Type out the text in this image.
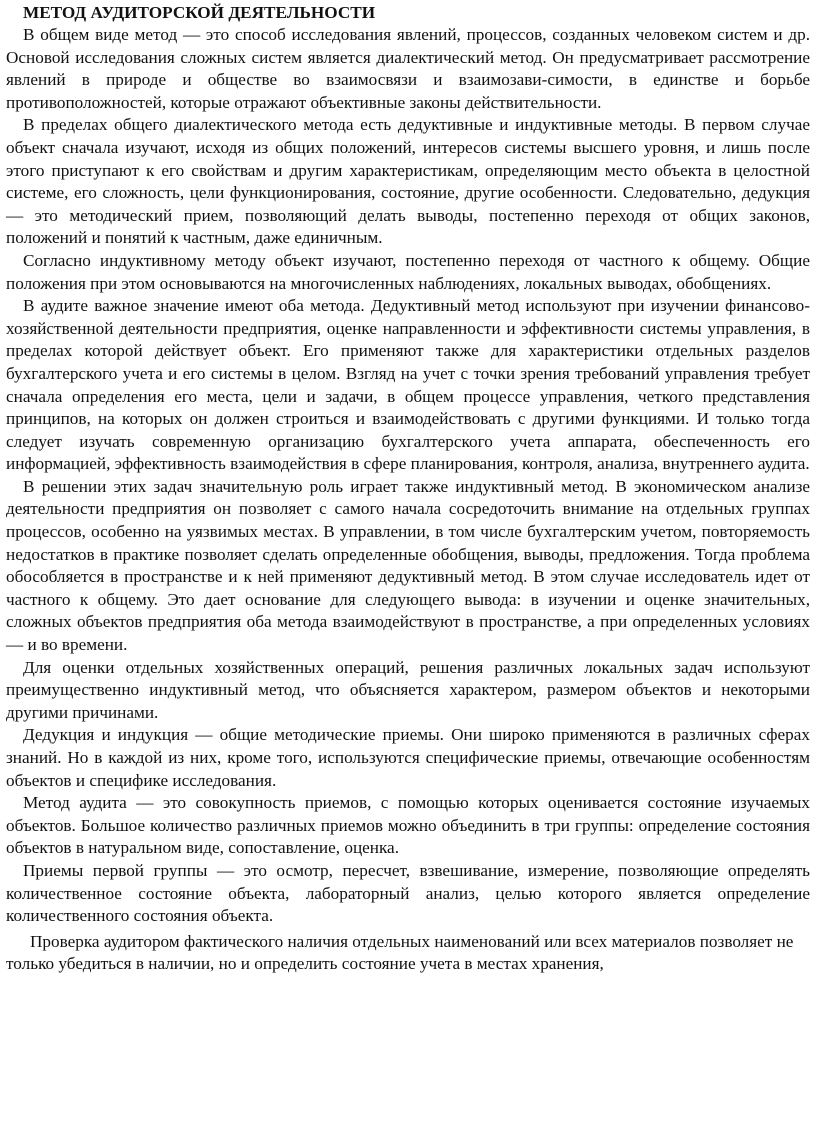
МЕТОД АУДИТОРСКОЙ ДЕЯТЕЛЬНОСТИ

В общем виде метод — это способ исследования явлений, процессов, созданных человеком систем и др. Основой исследования сложных систем является диалектический метод. Он предусматривает рассмотрение явлений в природе и обществе во взаимосвязи и взаимозави-симости, в единстве и борьбе противоположностей, которые отражают объективные законы действительности.

В пределах общего диалектического метода есть дедуктивные и индуктивные методы. В первом случае объект сначала изучают, исходя из общих положений, интересов системы высшего уровня, и лишь после этого приступают к его свойствам и другим характеристикам, определяющим место объекта в целостной системе, его сложность, цели функционирования, состояние, другие особенности. Следовательно, дедукция — это методический прием, позволяющий делать выводы, постепенно переходя от общих законов, положений и понятий к частным, даже единичным.

Согласно индуктивному методу объект изучают, постепенно переходя от частного к общему. Общие положения при этом основываются на многочисленных наблюдениях, локальных выводах, обобщениях.

В аудите важное значение имеют оба метода. Дедуктивный метод используют при изучении финансово-хозяйственной деятельности предприятия, оценке направленности и эффективности системы управления, в пределах которой действует объект. Его применяют также для характеристики отдельных разделов бухгалтерского учета и его системы в целом. Взгляд на учет с точки зрения требований управления требует сначала определения его места, цели и задачи, в общем процессе управления, четкого представления принципов, на которых он должен строиться и взаимодействовать с другими функциями. И только тогда следует изучать современную организацию бухгалтерского учета аппарата, обеспеченность его информацией, эффективность взаимодействия в сфере планирования, контроля, анализа, внутреннего аудита.

В решении этих задач значительную роль играет также индуктивный метод. В экономическом анализе деятельности предприятия он позволяет с самого начала сосредоточить внимание на отдельных группах процессов, особенно на уязвимых местах. В управлении, в том числе бухгалтерским учетом, повторяемость недостатков в практике позволяет сделать определенные обобщения, выводы, предложения. Тогда проблема обособляется в пространстве и к ней применяют дедуктивный метод. В этом случае исследователь идет от частного к общему. Это дает основание для следующего вывода: в изучении и оценке значительных, сложных объектов предприятия оба метода взаимодействуют в пространстве, а при определенных условиях — и во времени.

Для оценки отдельных хозяйственных операций, решения различных локальных задач используют преимущественно индуктивный метод, что объясняется характером, размером объектов и некоторыми другими причинами.

Дедукция и индукция — общие методические приемы. Они широко применяются в различных сферах знаний. Но в каждой из них, кроме того, используются специфические приемы, отвечающие особенностям объектов и специфике исследования.

Метод аудита — это совокупность приемов, с помощью которых оценивается состояние изучаемых объектов. Большое количество различных приемов можно объединить в три группы: определение состояния объектов в натуральном виде, сопоставление, оценка.

Приемы первой группы — это осмотр, пересчет, взвешивание, измерение, позволяющие определять количественное состояние объекта, лабораторный анализ, целью которого является определение количественного состояния объекта.

Проверка аудитором фактического наличия отдельных наименований или всех материалов позволяет не только убедиться в наличии, но и определить состояние учета в местах хранения,
